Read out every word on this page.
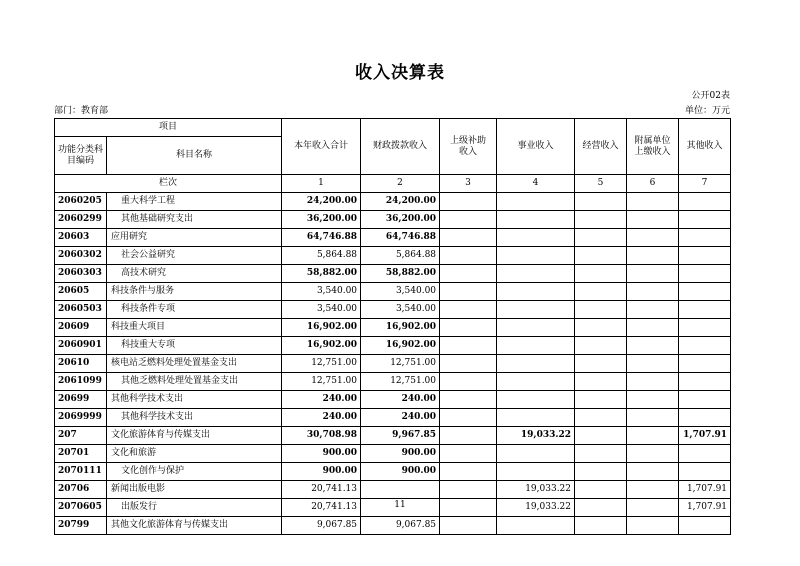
收入决算表
公开02表
部门：教育部	单位：万元
项目		本年收入合计	财政拨款收入	上级补助收入	事业收入	经营收入	附属单位上缴收入	其他收入
功能分类科目编码	科目名称							
栏次		1	2	3	4	5	6	7
2060205	重大科学工程	24,200.00	24,200.00					
2060299	其他基础研究支出	36,200.00	36,200.00					
20603	应用研究	64,746.88	64,746.88					
2060302	社会公益研究	5,864.88	5,864.88					
2060303	高技术研究	58,882.00	58,882.00					
20605	科技条件与服务	3,540.00	3,540.00					
2060503	科技条件专项	3,540.00	3,540.00					
20609	科技重大项目	16,902.00	16,902.00					
2060901	科技重大专项	16,902.00	16,902.00					
20610	核电站乏燃料处理处置基金支出	12,751.00	12,751.00					
2061099	其他乏燃料处理处置基金支出	12,751.00	12,751.00					
20699	其他科学技术支出	240.00	240.00					
2069999	其他科学技术支出	240.00	240.00					
207	文化旅游体育与传媒支出	30,708.98	9,967.85		19,033.22			1,707.91
20701	文化和旅游	900.00	900.00					
2070111	文化创作与保护	900.00	900.00					
20706	新闻出版电影	20,741.13			19,033.22			1,707.91
2070605	出版发行	20,741.13			19,033.22			1,707.91
20799	其他文化旅游体育与传媒支出	9,067.85	9,067.85					
11
